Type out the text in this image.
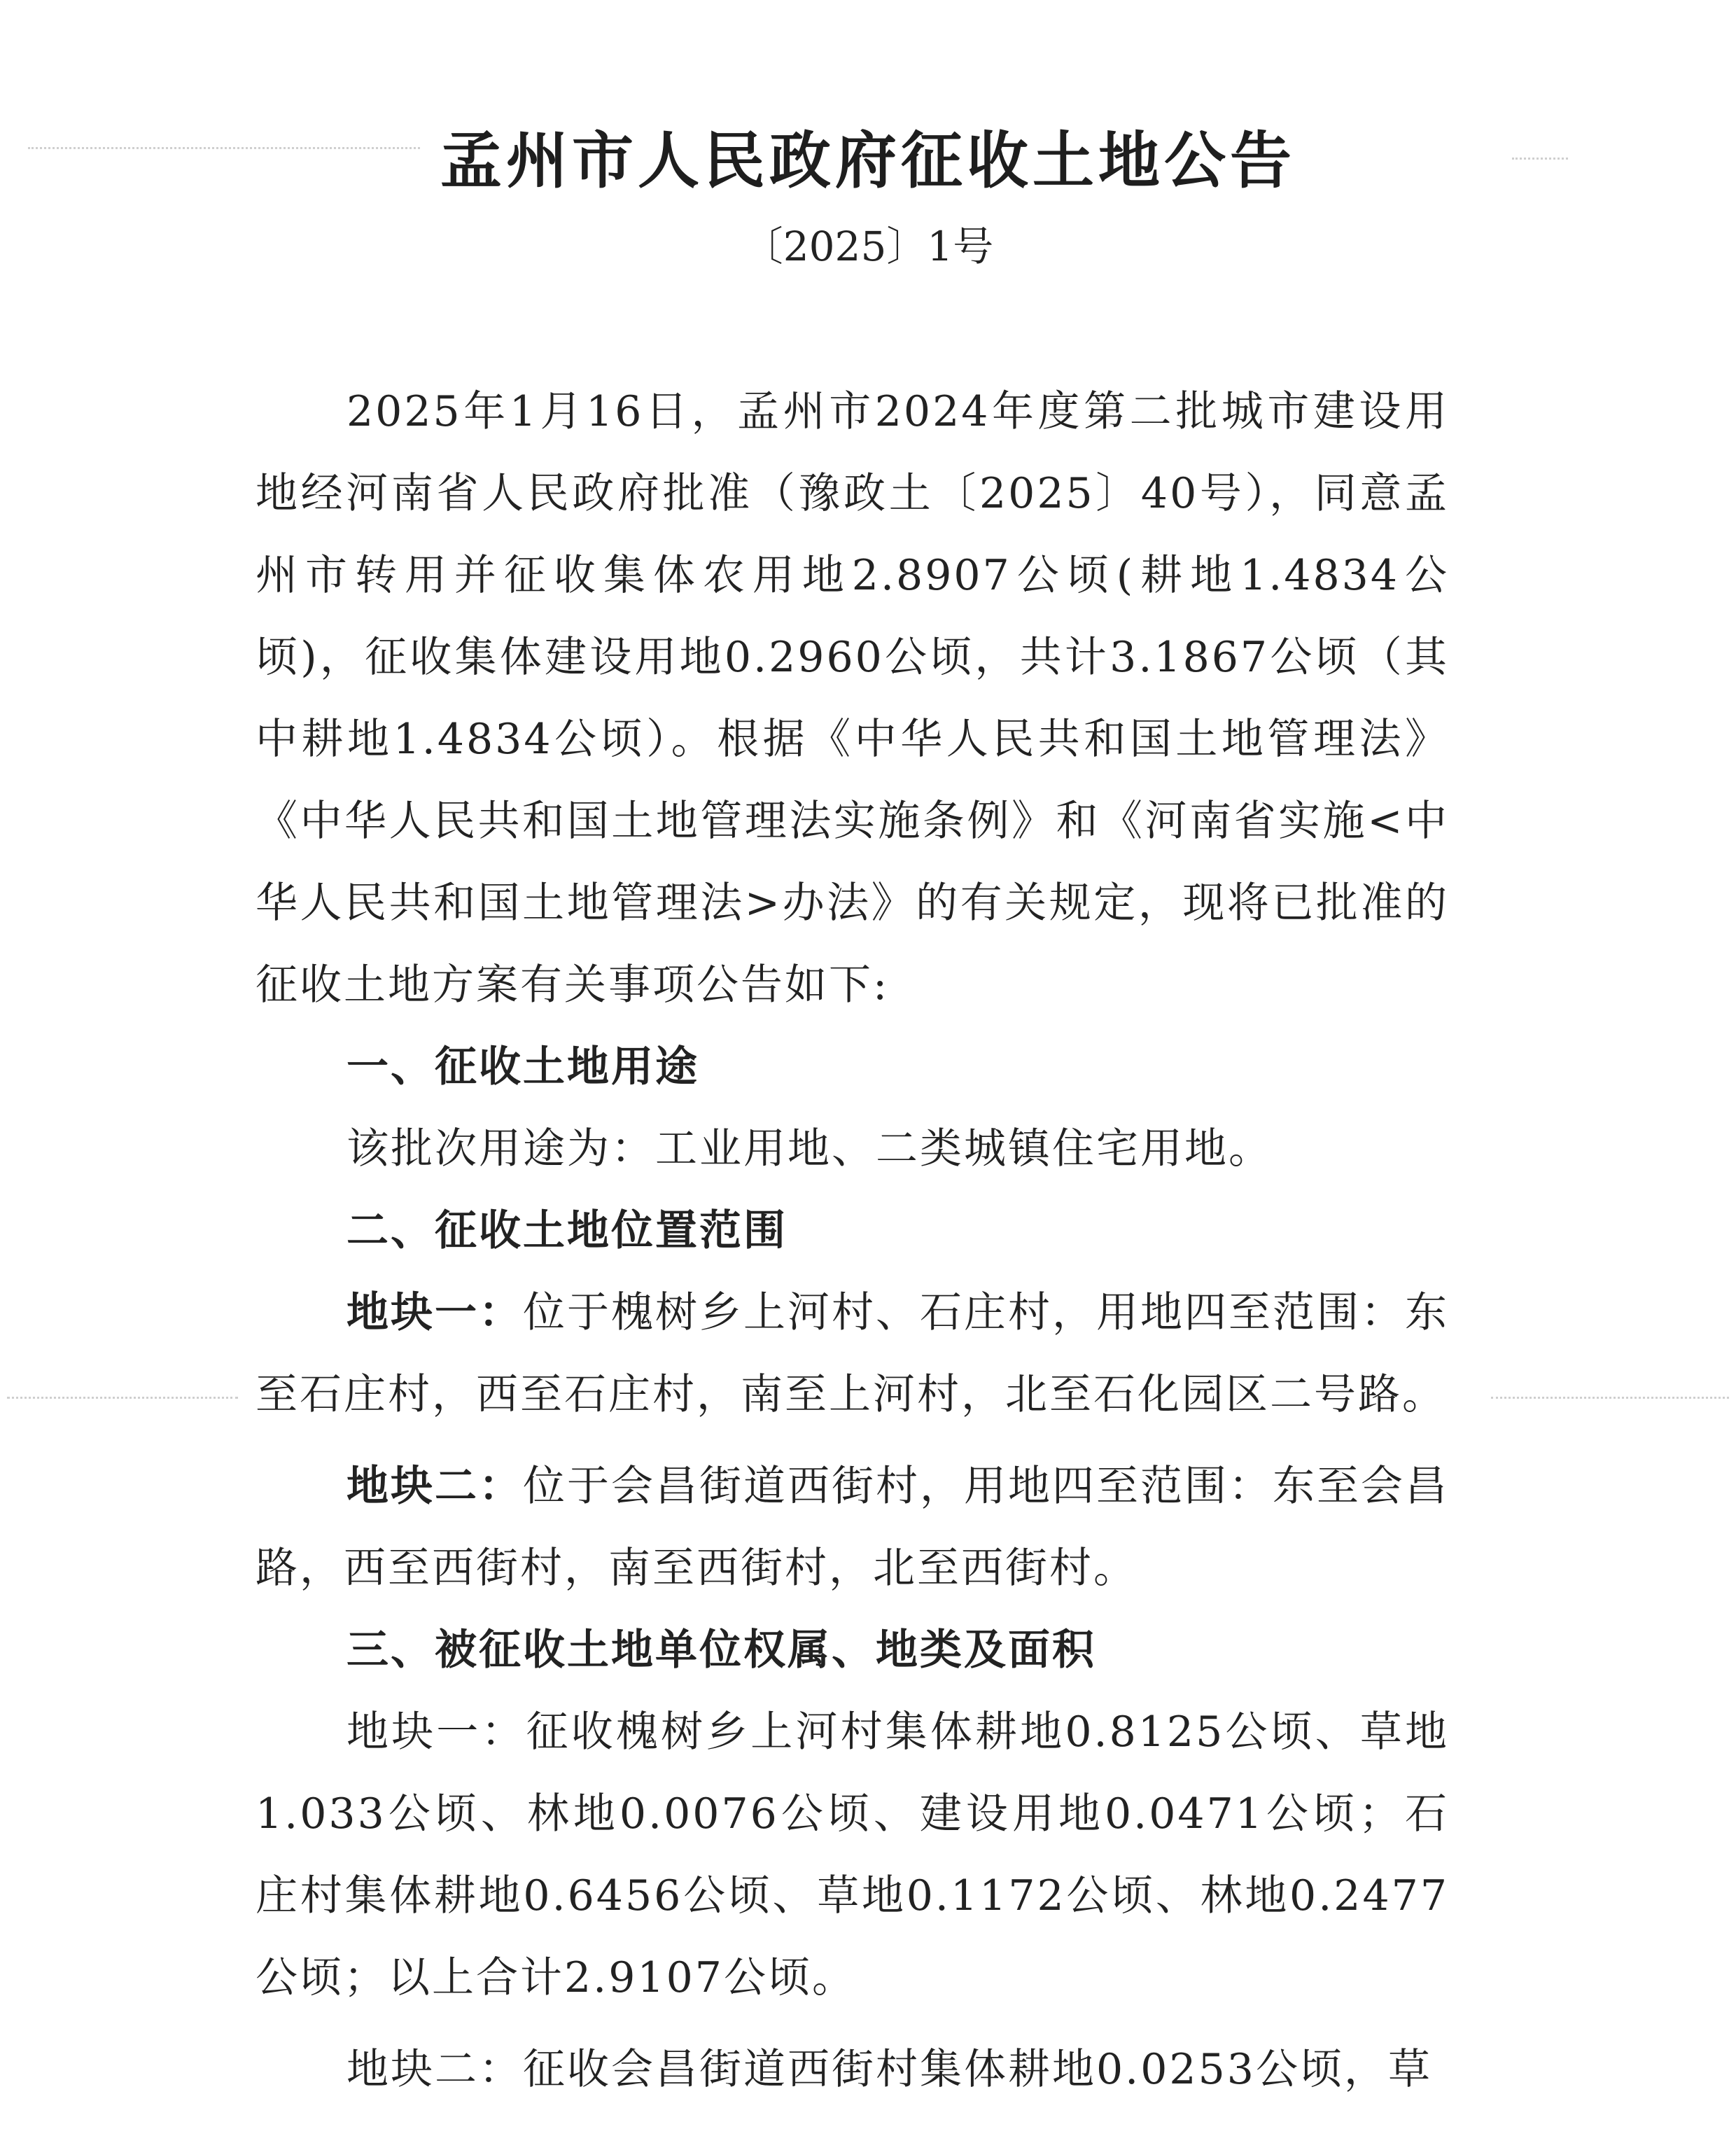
孟州市人民政府征收土地公告
〔2025〕1号

2025年1月16日，孟州市2024年度第二批城市建设用地经河南省人民政府批准（豫政土〔2025〕40号），同意孟州市转用并征收集体农用地2.8907公顷(耕地1.4834公顷)，征收集体建设用地0.2960公顷，共计3.1867公顷（其中耕地1.4834公顷）。根据《中华人民共和国土地管理法》《中华人民共和国土地管理法实施条例》和《河南省实施<中华人民共和国土地管理法>办法》的有关规定，现将已批准的征收土地方案有关事项公告如下:

一、征收土地用途

该批次用途为：工业用地、二类城镇住宅用地。

二、征收土地位置范围

地块一：位于槐树乡上河村、石庄村，用地四至范围：东至石庄村，西至石庄村，南至上河村，北至石化园区二号路。

地块二：位于会昌街道西街村，用地四至范围：东至会昌路，西至西街村，南至西街村，北至西街村。

三、被征收土地单位权属、地类及面积

地块一：征收槐树乡上河村集体耕地0.8125公顷、草地1.033公顷、林地0.0076公顷、建设用地0.0471公顷；石庄村集体耕地0.6456公顷、草地0.1172公顷、林地0.2477公顷；以上合计2.9107公顷。

地块二：征收会昌街道西街村集体耕地0.0253公顷，草
